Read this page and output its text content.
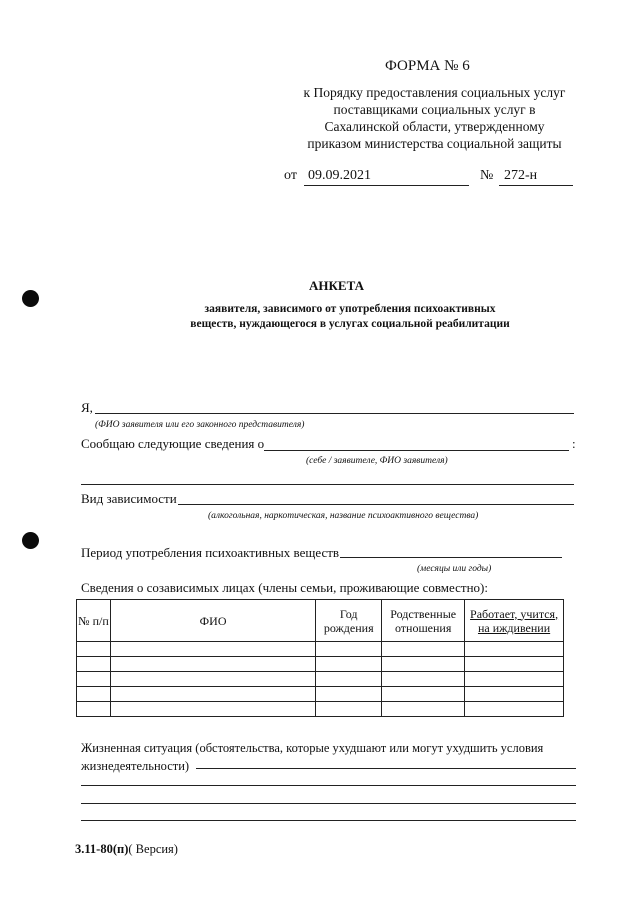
ФОРМА № 6
к Порядку предоставления социальных услуг
поставщиками социальных услуг в
Сахалинской области, утвержденному
приказом министерства социальной защиты
от 09.09.2021	№ 272-н
АНКЕТА
заявителя, зависимого от употребления психоактивных
веществ, нуждающегося в услугах социальной реабилитации
Я,
(ФИО заявителя или его законного представителя)
Сообщаю следующие сведения о	:
(себе / заявителе, ФИО заявителя)
Вид зависимости
(алкогольная, наркотическая, название психоактивного вещества)
Период употребления психоактивных веществ
(месяцы или годы)
Сведения о созависимых лицах (члены семьи, проживающие совместно):
№ п/п	ФИО	Год рождения	Родственные отношения	Работает, учится, на иждивении

Жизненная ситуация (обстоятельства, которые ухудшают или могут ухудшить условия
жизнедеятельности)
3.11-80(п)( Версия)
